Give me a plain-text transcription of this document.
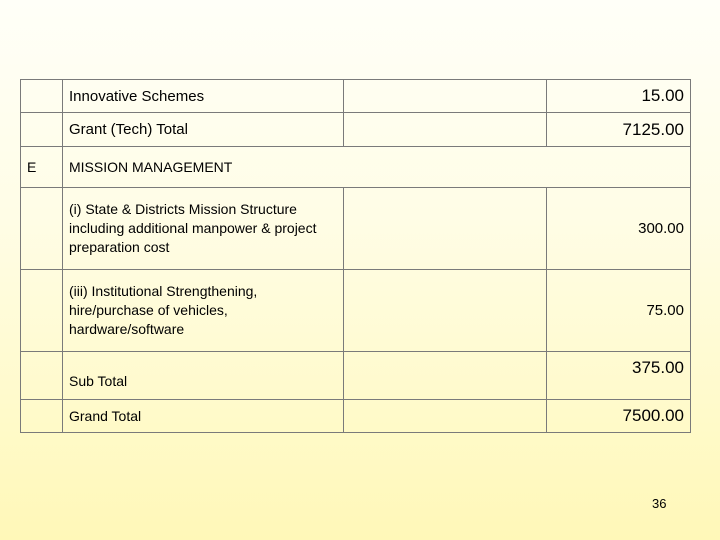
	Innovative Schemes		15.00
	Grant (Tech) Total		7125.00
E	MISSION MANAGEMENT		
	(i) State & Districts Mission Structure including additional manpower & project preparation cost		300.00
	(iii) Institutional Strengthening, hire/purchase of vehicles, hardware/software		75.00
	Sub Total		375.00
	Grand Total		7500.00
36
